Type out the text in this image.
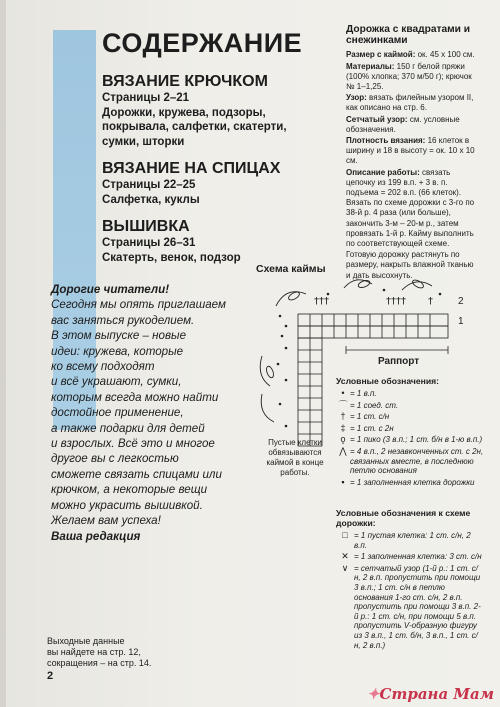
СОДЕРЖАНИЕ
ВЯЗАНИЕ КРЮЧКОМ

Страницы 2–21

Дорожки, кружева, подзоры, покрывала, салфетки, скатерти, сумки, шторки

ВЯЗАНИЕ НА СПИЦАХ

Страницы 22–25

Салфетка, куклы

ВЫШИВКА

Страницы 26–31

Скатерть, венок, подзор

Дорогие читатели!
Сегодня мы опять приглашаем
вас заняться рукоделием.
В этом выпуске – новые
идеи: кружева, которые
ко всему подходят
и всё украшают, сумки,
которым всегда можно найти
достойное применение,
а также подарки для детей
и взрослых. Всё это и многое
другое вы с легкостью
сможете связать спицами или
крючком, а некоторые вещи
можно украсить вышивкой.
Желаем вам успеха!
Ваша редакция
Выходные данные
вы найдете на стр. 12,
сокращения – на стр. 14.
2
Дорожка с квадратами и снежинками

Размер с каймой: ок. 45 х 100 см.

Материалы: 150 г белой пряжи (100% хлопка; 370 м/50 г); крючок № 1–1,25.

Узор: вязать филейным узором II, как описано на стр. 6.

Сетчатый узор: см. условные обозначения.

Плотность вязания: 16 клеток в ширину и 18 в высоту = ок. 10 х 10 см.

Описание работы: связать цепочку из 199 в.п. + 3 в. п. подъема = 202 в.п. (66 клеток). Вязать по схеме дорожки с 3-го по 38-й р. 4 раза (или больше), закончить 3-м – 20-м р., затем провязать 1-й р. Кайму выполнить по соответствующей схеме.

Готовую дорожку растянуть по размеру, накрыть влажной тканью и дать высохнуть.

Схема каймы
†††	†††† †	2
1
Раппорт
Пустые клетки обвязываются каймой в конце работы.
Условные обозначения:
• = 1 в.п.
⌒ = 1 соед. ст.
† = 1 ст. с/н
‡ = 1 ст. с 2н
ǫ = 1 пико (3 в.п.; 1 ст. б/н в 1-ю в.п.)
⋀ = 4 в.п., 2 незавконченных ст. с 2н, связанных вместе, в последнюю петлю основания
▪ = 1 заполненная клетка дорожки
Условные обозначения к схеме дорожки:
□ = 1 пустая клетка: 1 ст. с/н, 2 в.п.
✕ = 1 заполненная клетка: 3 ст. с/н
∨ = сетчатый узор (1-й р.: 1 ст. с/н, 2 в.п. пропустить при помощи 3 в.п.; 1 ст. с/н в петлю основания 1-го ст. с/н, 2 в.п. пропустить при помощи 3 в.п. 2-й р.: 1 ст. с/н, при помощи 5 в.п. пропустить V-образную фигуру из 3 в.п., 1 ст. б/н, 3 в.п., 1 ст. с/н, 2 в.п.)
✦Страна Мам
